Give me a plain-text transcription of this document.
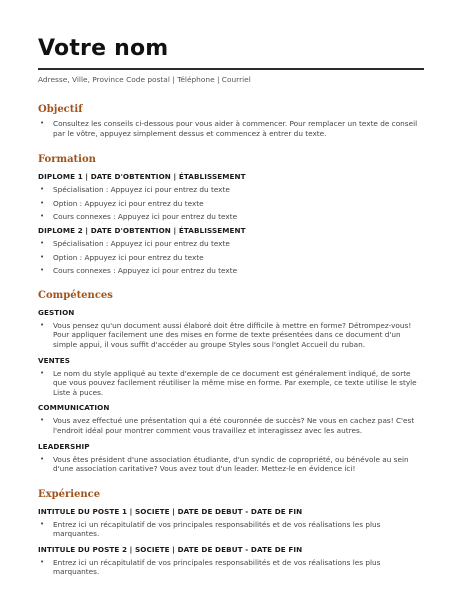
Votre nom

Adresse, Ville, Province Code postal | Téléphone | Courriel

Objectif
• Consultez les conseils ci-dessous pour vous aider à commencer. Pour remplacer un texte de conseil par le vôtre, appuyez simplement dessus et commencez à entrer du texte.
Formation

DIPLOME 1 | DATE D'OBTENTION | ÉTABLISSEMENT

• Spécialisation : Appuyez ici pour entrez du texte
• Option : Appuyez ici pour entrez du texte
• Cours connexes : Appuyez ici pour entrez du texte

DIPLOME 2 | DATE D'OBTENTION | ÉTABLISSEMENT

• Spécialisation : Appuyez ici pour entrez du texte
• Option : Appuyez ici pour entrez du texte
• Cours connexes : Appuyez ici pour entrez du texte
Compétences

GESTION

• Vous pensez qu'un document aussi élaboré doit être difficile à mettre en forme? Détrompez-vous! Pour appliquer facilement une des mises en forme de texte présentées dans ce document d'un simple appui, il vous suffit d'accéder au groupe Styles sous l'onglet Accueil du ruban.

VENTES

• Le nom du style appliqué au texte d'exemple de ce document est généralement indiqué, de sorte que vous pouvez facilement réutiliser la même mise en forme. Par exemple, ce texte utilise le style Liste à puces.

COMMUNICATION

• Vous avez effectué une présentation qui a été couronnée de succès? Ne vous en cachez pas! C'est l'endroit idéal pour montrer comment vous travaillez et interagissez avec les autres.

LEADERSHIP

• Vous êtes président d'une association étudiante, d'un syndic de copropriété, ou bénévole au sein d'une association caritative? Vous avez tout d'un leader. Mettez-le en évidence ici!
Expérience

INTITULE DU POSTE 1 | SOCIETE | DATE DE DEBUT - DATE DE FIN

• Entrez ici un récapitulatif de vos principales responsabilités et de vos réalisations les plus marquantes.

INTITULE DU POSTE 2 | SOCIETE | DATE DE DEBUT - DATE DE FIN

• Entrez ici un récapitulatif de vos principales responsabilités et de vos réalisations les plus marquantes.
